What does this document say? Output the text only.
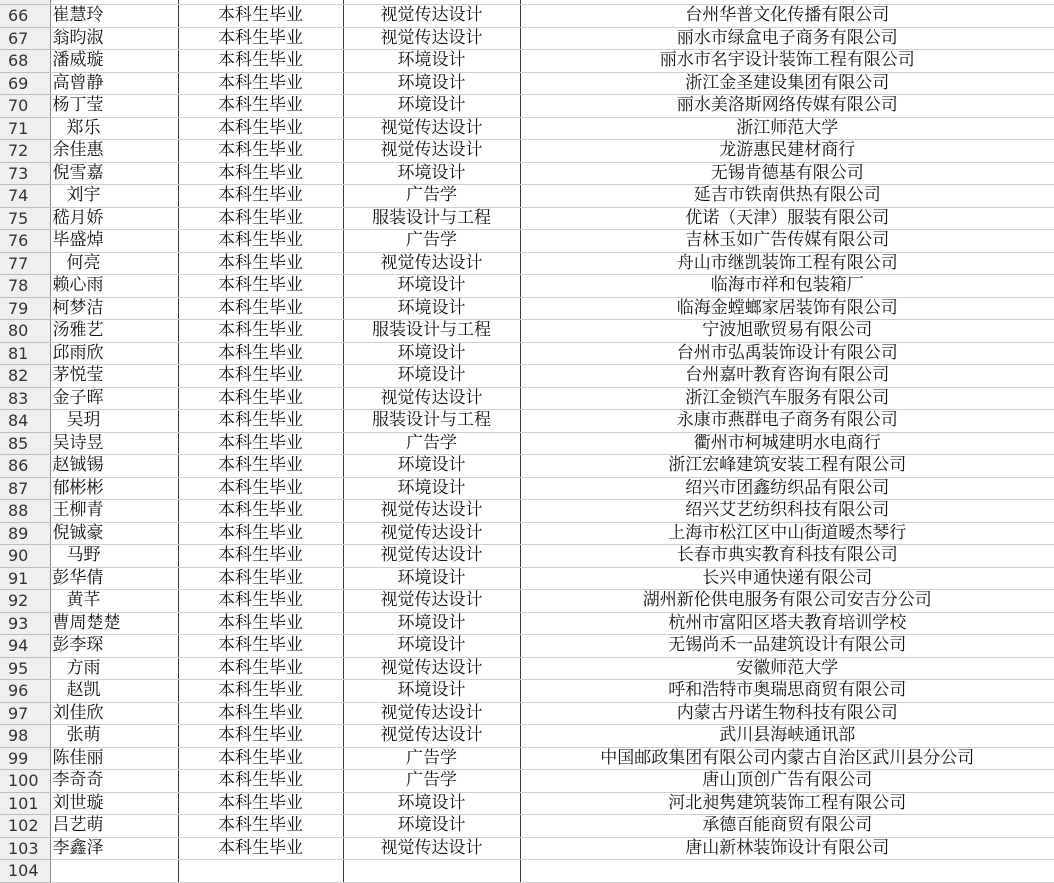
66	崔慧玲	本科生毕业	视觉传达设计	台州华普文化传播有限公司
67	翁昀淑	本科生毕业	视觉传达设计	丽水市绿盒电子商务有限公司
68	潘威璇	本科生毕业	环境设计	丽水市名宇设计装饰工程有限公司
69	高曾静	本科生毕业	环境设计	浙江金圣建设集团有限公司
70	杨丁莹	本科生毕业	环境设计	丽水美洛斯网络传媒有限公司
71	郑乐	本科生毕业	视觉传达设计	浙江师范大学
72	余佳惠	本科生毕业	视觉传达设计	龙游惠民建材商行
73	倪雪嘉	本科生毕业	环境设计	无锡肯德基有限公司
74	刘宇	本科生毕业	广告学	延吉市铁南供热有限公司
75	嵇月娇	本科生毕业	服装设计与工程	优诺（天津）服装有限公司
76	毕盛焯	本科生毕业	广告学	吉林玉如广告传媒有限公司
77	何亮	本科生毕业	视觉传达设计	舟山市继凯装饰工程有限公司
78	赖心雨	本科生毕业	环境设计	临海市祥和包装箱厂
79	柯梦洁	本科生毕业	环境设计	临海金螳螂家居装饰有限公司
80	汤雅艺	本科生毕业	服装设计与工程	宁波旭歌贸易有限公司
81	邱雨欣	本科生毕业	环境设计	台州市弘禹装饰设计有限公司
82	茅悦莹	本科生毕业	环境设计	台州嘉叶教育咨询有限公司
83	金子晖	本科生毕业	视觉传达设计	浙江金锁汽车服务有限公司
84	吴玥	本科生毕业	服装设计与工程	永康市燕群电子商务有限公司
85	吴诗昱	本科生毕业	广告学	衢州市柯城建明水电商行
86	赵铖锡	本科生毕业	环境设计	浙江宏峰建筑安装工程有限公司
87	郁彬彬	本科生毕业	环境设计	绍兴市团鑫纺织品有限公司
88	王柳青	本科生毕业	视觉传达设计	绍兴艾艺纺织科技有限公司
89	倪铖豪	本科生毕业	视觉传达设计	上海市松江区中山街道暧杰琴行
90	马野	本科生毕业	视觉传达设计	长春市典实教育科技有限公司
91	彭华倩	本科生毕业	环境设计	长兴申通快递有限公司
92	黄芊	本科生毕业	视觉传达设计	湖州新伦供电服务有限公司安吉分公司
93	曹周楚楚	本科生毕业	环境设计	杭州市富阳区塔夫教育培训学校
94	彭李琛	本科生毕业	环境设计	无锡尚禾一品建筑设计有限公司
95	方雨	本科生毕业	视觉传达设计	安徽师范大学
96	赵凯	本科生毕业	环境设计	呼和浩特市奥瑞思商贸有限公司
97	刘佳欣	本科生毕业	视觉传达设计	内蒙古丹诺生物科技有限公司
98	张萌	本科生毕业	视觉传达设计	武川县海峡通讯部
99	陈佳丽	本科生毕业	广告学	中国邮政集团有限公司内蒙古自治区武川县分公司
100	李奇奇	本科生毕业	广告学	唐山顶创广告有限公司
101	刘世璇	本科生毕业	环境设计	河北昶隽建筑装饰工程有限公司
102	吕艺萌	本科生毕业	环境设计	承德百能商贸有限公司
103	李鑫泽	本科生毕业	视觉传达设计	唐山新林装饰设计有限公司
104				
